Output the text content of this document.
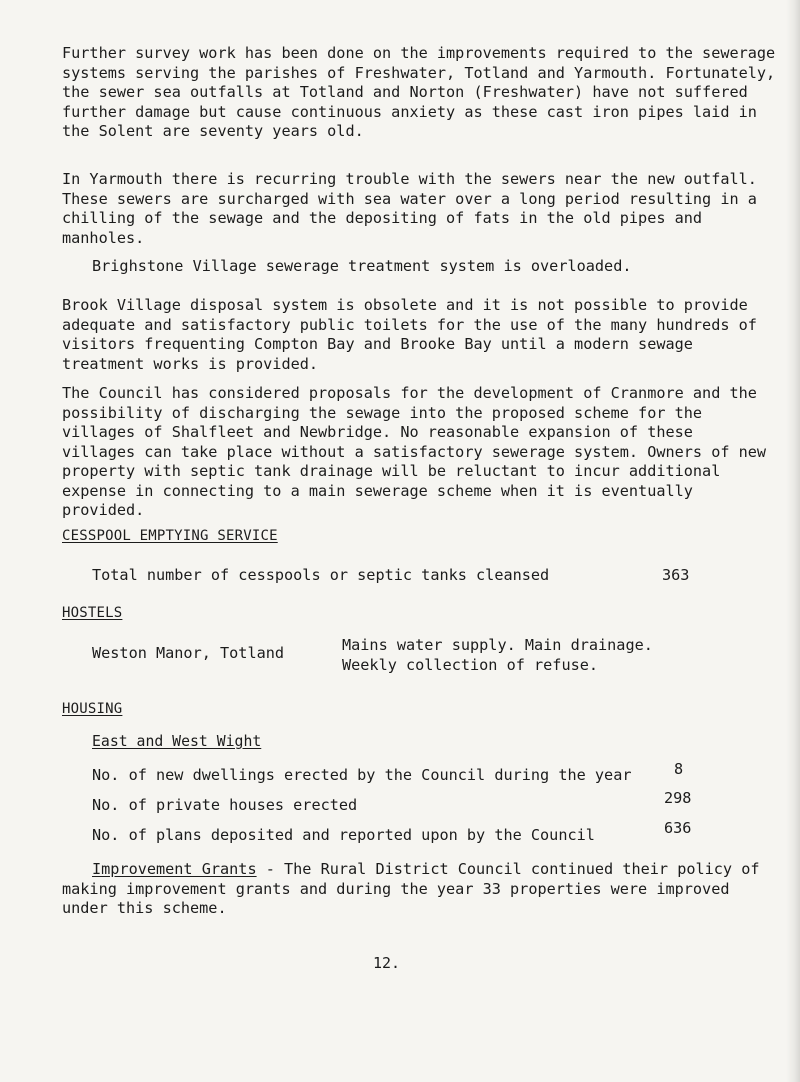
Further survey work has been done on the improvements required to the sewerage systems serving the parishes of Freshwater, Totland and Yarmouth. Fortunately, the sewer sea outfalls at Totland and Norton (Freshwater) have not suffered further damage but cause continuous anxiety as these cast iron pipes laid in the Solent are seventy years old.

In Yarmouth there is recurring trouble with the sewers near the new outfall. These sewers are surcharged with sea water over a long period resulting in a chilling of the sewage and the depositing of fats in the old pipes and manholes.

Brighstone Village sewerage treatment system is overloaded.

Brook Village disposal system is obsolete and it is not possible to provide adequate and satisfactory public toilets for the use of the many hundreds of visitors frequenting Compton Bay and Brooke Bay until a modern sewage treatment works is provided.

The Council has considered proposals for the development of Cranmore and the possibility of discharging the sewage into the proposed scheme for the villages of Shalfleet and Newbridge. No reasonable expansion of these villages can take place without a satisfactory sewerage system. Owners of new property with septic tank drainage will be reluctant to incur additional expense in connecting to a main sewerage scheme when it is eventually provided.

CESSPOOL EMPTYING SERVICE
Total number of cesspools or septic tanks cleansed	363
HOSTELS
Weston Manor, Totland	Mains water supply. Main drainage.
Weekly collection of refuse.
HOUSING
East and West Wight
No. of new dwellings erected by the Council during the year	8
No. of private houses erected	298
No. of plans deposited and reported upon by the Council	636

Improvement Grants - The Rural District Council continued their policy of making improvement grants and during the year 33 properties were improved under this scheme.

12.
